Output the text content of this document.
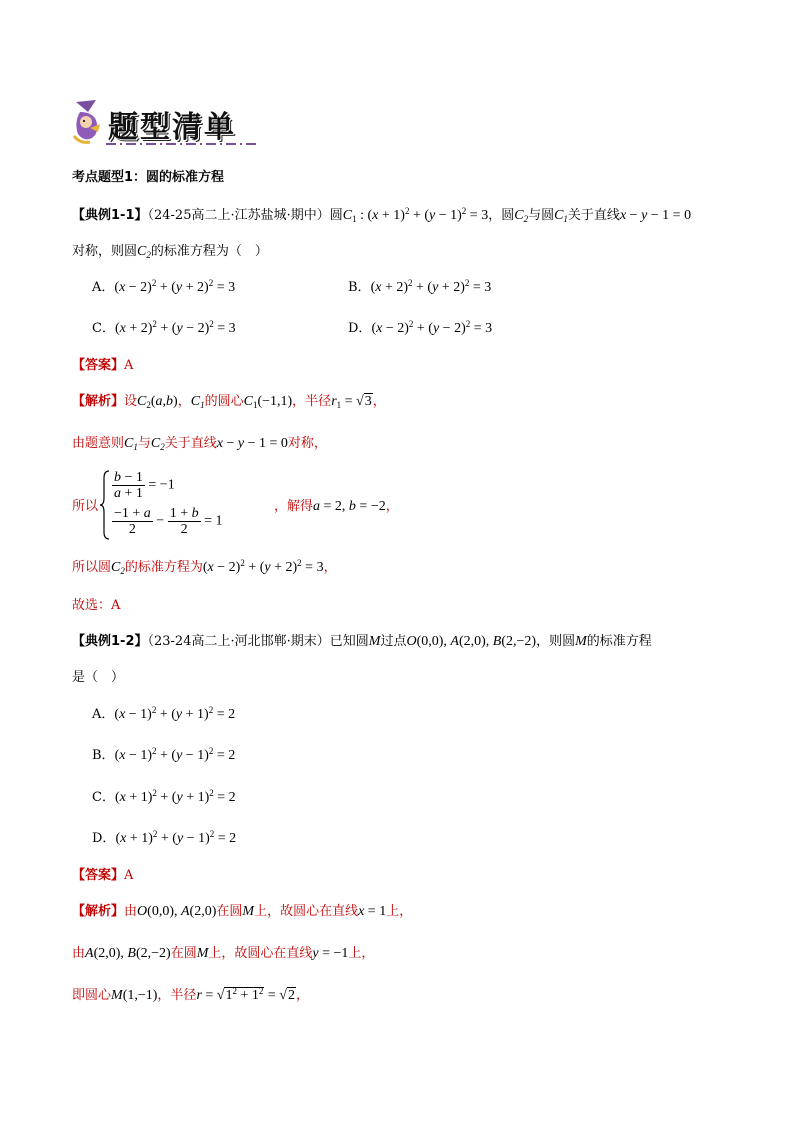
题型清单
考点题型1：圆的标准方程
【典例1-1】（24-25高二上·江苏盐城·期中）圆$C_1$ : $(x + 1)^2 + (y - 1)^2 = 3$，圆$C_2$与圆$C_1$关于直线x − y − 1 = 0
对称，则圆$C_2$的标准方程为（　）
A．$(x - 2)^2 + (y + 2)^2 = 3$	B．$(x + 2)^2 + (y + 2)^2 = 3$
C．$(x + 2)^2 + (y - 2)^2 = 3$	D．$(x - 2)^2 + (y - 2)^2 = 3$
【答案】A
【解析】设$C_2(a,b)$，$C_1$的圆心$C_1(-1,1)$，半径$r_1 = √3$，
由题意则$C_1$与$C_2$关于直线x − y − 1 = 0对称，
所以
$\frac{b - 1}{a + 1} = -1$
$\frac{-1 + a}{2} - \frac{1 + b}{2} = 1$
，解得a = 2, b = −2，
所以圆$C_2$的标准方程为$(x - 2)^2 + (y + 2)^2 = 3$，
故选：A
【典例1-2】（23-24高二上·河北邯郸·期末）已知圆M过点O(0,0), A(2,0), B(2,−2)，则圆M的标准方程
是（　）
A．$(x - 1)^2 + (y + 1)^2 = 2$
B．$(x - 1)^2 + (y - 1)^2 = 2$
C．$(x + 1)^2 + (y + 1)^2 = 2$
D．$(x + 1)^2 + (y - 1)^2 = 2$
【答案】A
【解析】由O(0,0), A(2,0)在圆M上，故圆心在直线x = 1上，
由A(2,0), B(2,−2)在圆M上，故圆心在直线y = −1上，
即圆心M(1,−1)，半径$r = √1^2 + 1^2 = √2$，
